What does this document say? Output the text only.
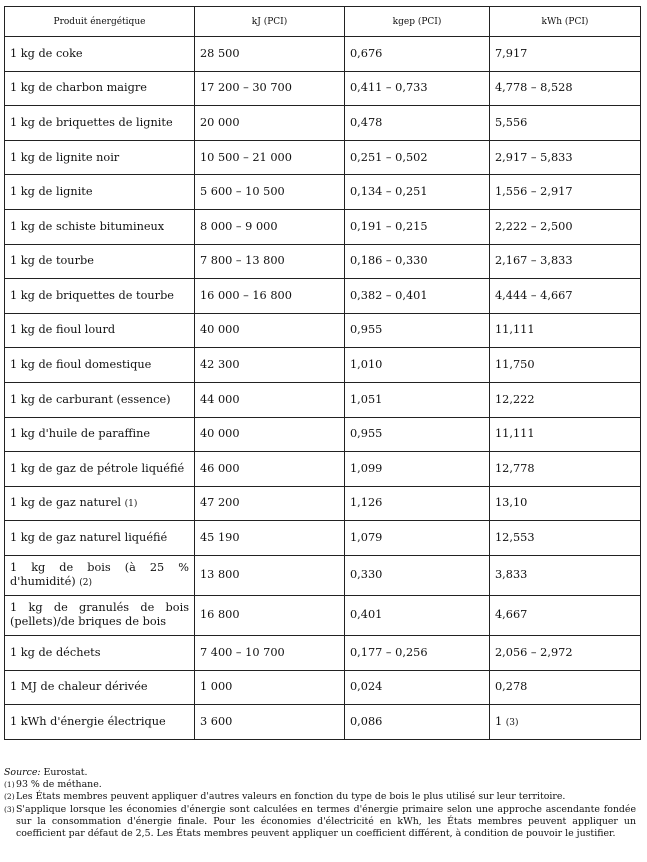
Produit énergétique	kJ (PCI)	kgep (PCI)	kWh (PCI)
1 kg de coke	28 500	0,676	7,917
1 kg de charbon maigre	17 200 – 30 700	0,411 – 0,733	4,778 – 8,528
1 kg de briquettes de lignite	20 000	0,478	5,556
1 kg de lignite noir	10 500 – 21 000	0,251 – 0,502	2,917 – 5,833
1 kg de lignite	5 600 – 10 500	0,134 – 0,251	1,556 – 2,917
1 kg de schiste bitumineux	8 000 – 9 000	0,191 – 0,215	2,222 – 2,500
1 kg de tourbe	7 800 – 13 800	0,186 – 0,330	2,167 – 3,833
1 kg de briquettes de tourbe	16 000 – 16 800	0,382 – 0,401	4,444 – 4,667
1 kg de fioul lourd	40 000	0,955	11,111
1 kg de fioul domestique	42 300	1,010	11,750
1 kg de carburant (essence)	44 000	1,051	12,222
1 kg d'huile de paraffine	40 000	0,955	11,111
1 kg de gaz de pétrole liquéfié	46 000	1,099	12,778
1 kg de gaz naturel (1)	47 200	1,126	13,10
1 kg de gaz naturel liquéfié	45 190	1,079	12,553
1 kg de bois (à 25 % d'humidité) (2)	13 800	0,330	3,833
1 kg de granulés de bois (pellets)/de briques de bois	16 800	0,401	4,667
1 kg de déchets	7 400 – 10 700	0,177 – 0,256	2,056 – 2,972
1 MJ de chaleur dérivée	1 000	0,024	0,278
1 kWh d'énergie électrique	3 600	0,086	1 (3)
Source: Eurostat.
(1) 93 % de méthane.
(2) Les États membres peuvent appliquer d'autres valeurs en fonction du type de bois le plus utilisé sur leur territoire.
(3) S'applique lorsque les économies d'énergie sont calculées en termes d'énergie primaire selon une approche ascendante fondée sur la consommation d'énergie finale. Pour les économies d'électricité en kWh, les États membres peuvent appliquer un coefficient par défaut de 2,5. Les États membres peuvent appliquer un coefficient différent, à condition de pouvoir le justifier.
